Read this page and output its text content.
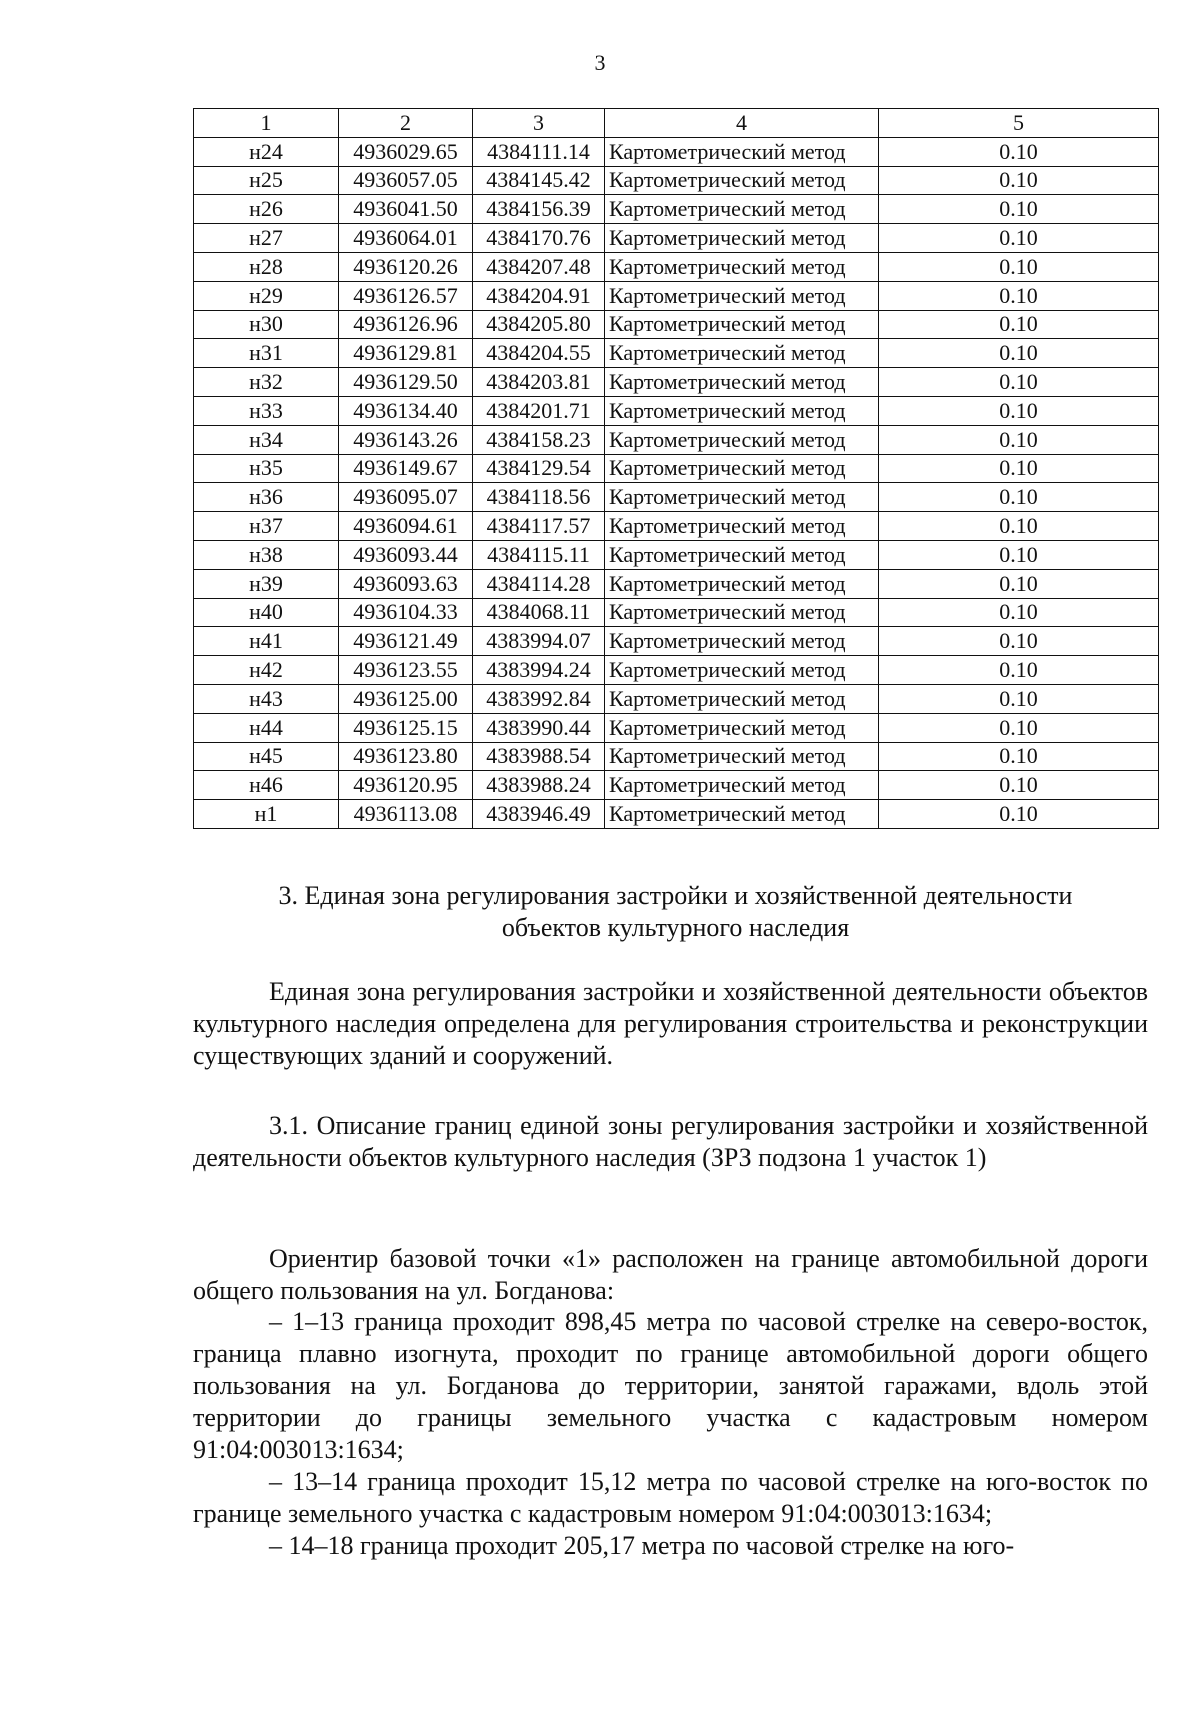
3
1	2	3	4	5
н24	4936029.65	4384111.14	Картометрический метод	0.10
н25	4936057.05	4384145.42	Картометрический метод	0.10
н26	4936041.50	4384156.39	Картометрический метод	0.10
н27	4936064.01	4384170.76	Картометрический метод	0.10
н28	4936120.26	4384207.48	Картометрический метод	0.10
н29	4936126.57	4384204.91	Картометрический метод	0.10
н30	4936126.96	4384205.80	Картометрический метод	0.10
н31	4936129.81	4384204.55	Картометрический метод	0.10
н32	4936129.50	4384203.81	Картометрический метод	0.10
н33	4936134.40	4384201.71	Картометрический метод	0.10
н34	4936143.26	4384158.23	Картометрический метод	0.10
н35	4936149.67	4384129.54	Картометрический метод	0.10
н36	4936095.07	4384118.56	Картометрический метод	0.10
н37	4936094.61	4384117.57	Картометрический метод	0.10
н38	4936093.44	4384115.11	Картометрический метод	0.10
н39	4936093.63	4384114.28	Картометрический метод	0.10
н40	4936104.33	4384068.11	Картометрический метод	0.10
н41	4936121.49	4383994.07	Картометрический метод	0.10
н42	4936123.55	4383994.24	Картометрический метод	0.10
н43	4936125.00	4383992.84	Картометрический метод	0.10
н44	4936125.15	4383990.44	Картометрический метод	0.10
н45	4936123.80	4383988.54	Картометрический метод	0.10
н46	4936120.95	4383988.24	Картометрический метод	0.10
н1	4936113.08	4383946.49	Картометрический метод	0.10
3. Единая зона регулирования застройки и хозяйственной деятельности
объектов культурного наследия
Единая зона регулирования застройки и хозяйственной деятельности объектов культурного наследия определена для регулирования строительства и реконструкции существующих зданий и сооружений.
3.1. Описание границ единой зоны регулирования застройки и хозяйственной деятельности объектов культурного наследия (ЗРЗ подзона 1 участок 1)
Ориентир базовой точки «1» расположен на границе автомобильной дороги общего пользования на ул. Богданова:

– 1–13 граница проходит 898,45 метра по часовой стрелке на северо-восток, граница плавно изогнута, проходит по границе автомобильной дороги общего пользования на ул. Богданова до территории, занятой гаражами, вдоль этой территории до границы земельного участка с кадастровым номером 91:04:003013:1634;

– 13–14 граница проходит 15,12 метра по часовой стрелке на юго-восток по границе земельного участка с кадастровым номером 91:04:003013:1634;

– 14–18 граница проходит 205,17 метра по часовой стрелке на юго-
